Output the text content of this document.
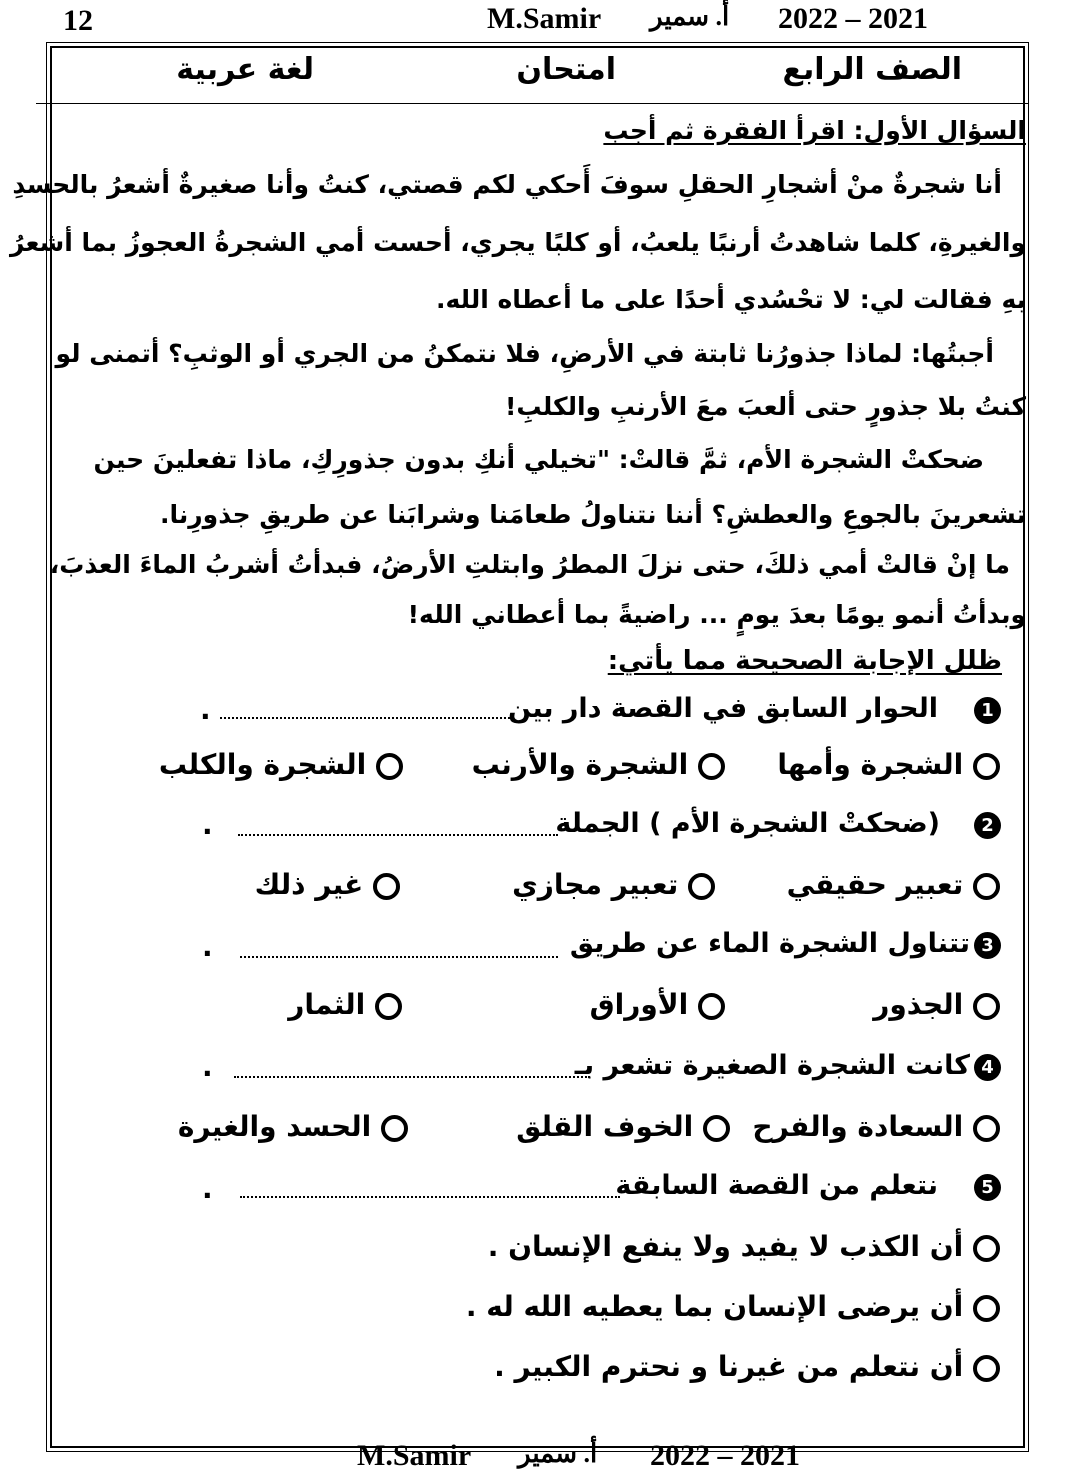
12	M.Samir أ. سمير 2022 – 2021
الصف الرابع
امتحان
لغة عربية
السؤال الأول: اقرأ الفقرة ثم أجب
أنا شجرةٌ منْ أشجارِ الحقلِ سوفَ أَحكي لكم قصتي، كنتُ وأنا صغيرةٌ أشعرُ بالحسدِ
والغيرةِ، كلما شاهدتُ أرنبًا يلعبُ، أو كلبًا يجري، أحست أمي الشجرةُ العجوزُ بما أشعرُ
بهِ فقالت لي: لا تحْسُدي أحدًا على ما أعطاه الله.
أجبتُها: لماذا جذورُنا ثابتة في الأرضِ، فلا نتمكنُ من الجري أو الوثبِ؟ أتمنى لو
كنتُ بلا جذورٍ حتى ألعبَ معَ الأرنبِ والكلبِ!
ضحكتْ الشجرة الأم، ثمَّ قالتْ: "تخيلي أنكِ بدون جذورِكِ، ماذا تفعلينَ حين
تشعرينَ بالجوعِ والعطشِ؟ أننا نتناولُ طعامَنا وشرابَنا عن طريقِ جذورِنا.
ما إنْ قالتْ أمي ذلكَ، حتى نزلَ المطرُ وابتلتِ الأرضُ، فبدأتُ أشربُ الماءَ العذبَ،
وبدأتُ أنمو يومًا بعدَ يومٍ ... راضيةً بما أعطاني الله!
ظلل الإجابة الصحيحة مما يأتي:
1
الحوار السابق في القصة دار بين
.
الشجرة وأمها
الشجرة والأرنب
الشجرة والكلب
2
(ضحكتْ الشجرة الأم ) الجملة
.
تعبير حقيقي
تعبير مجازي
غير ذلك
3
تتناول الشجرة الماء عن طريق
.
الجذور
الأوراق
الثمار
4
كانت الشجرة الصغيرة تشعر بـ
.
السعادة والفرح
الخوف القلق
الحسد والغيرة
5
نتعلم من القصة السابقة
.
أن الكذب لا يفيد ولا ينفع الإنسان .
أن يرضى الإنسان بما يعطيه الله له .
أن نتعلم من غيرنا و نحترم الكبير .
M.Samir أ. سمير 2022 – 2021
